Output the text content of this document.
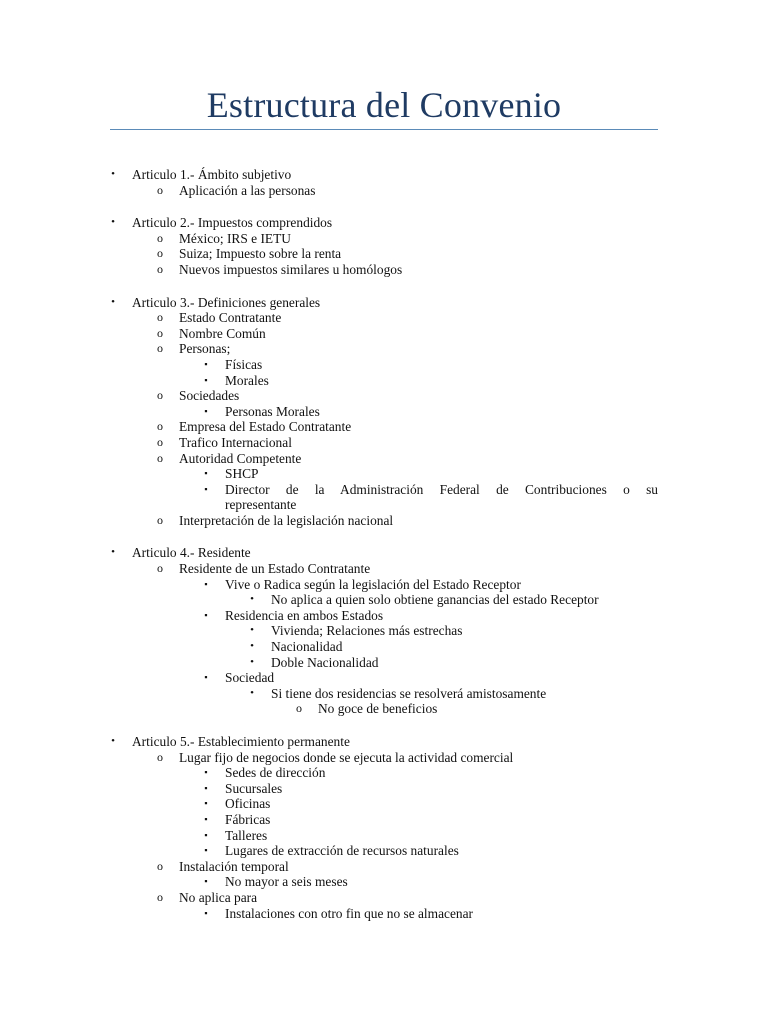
Estructura del Convenio
•	Articulo 1.- Ámbito subjetivo
o Aplicación a las personas
•	Articulo 2.- Impuestos comprendidos
o México; IRS e IETU
o Suiza; Impuesto sobre la renta
o Nuevos impuestos similares u homólogos
•	Articulo 3.- Definiciones generales
o Estado Contratante
o Nombre Común
o Personas;
▪	Físicas
▪	Morales
o Sociedades
▪	Personas Morales
o Empresa del Estado Contratante
o Trafico Internacional
o Autoridad Competente
▪	SHCP
▪	Director de la Administración Federal de Contribuciones o su
representante
o Interpretación de la legislación nacional
•	Articulo 4.- Residente
o Residente de un Estado Contratante
▪	Vive o Radica según la legislación del Estado Receptor
•	No aplica a quien solo obtiene ganancias del estado Receptor
▪	Residencia en ambos Estados
•	Vivienda; Relaciones más estrechas
•	Nacionalidad
•	Doble Nacionalidad
▪	Sociedad
•	Si tiene dos residencias se resolverá amistosamente
o No goce de beneficios
•	Articulo 5.- Establecimiento permanente
o Lugar fijo de negocios donde se ejecuta la actividad comercial
▪	Sedes de dirección
▪	Sucursales
▪	Oficinas
▪	Fábricas
▪	Talleres
▪	Lugares de extracción de recursos naturales
o Instalación temporal
▪	No mayor a seis meses
o No aplica para
▪	Instalaciones con otro fin que no se almacenar
